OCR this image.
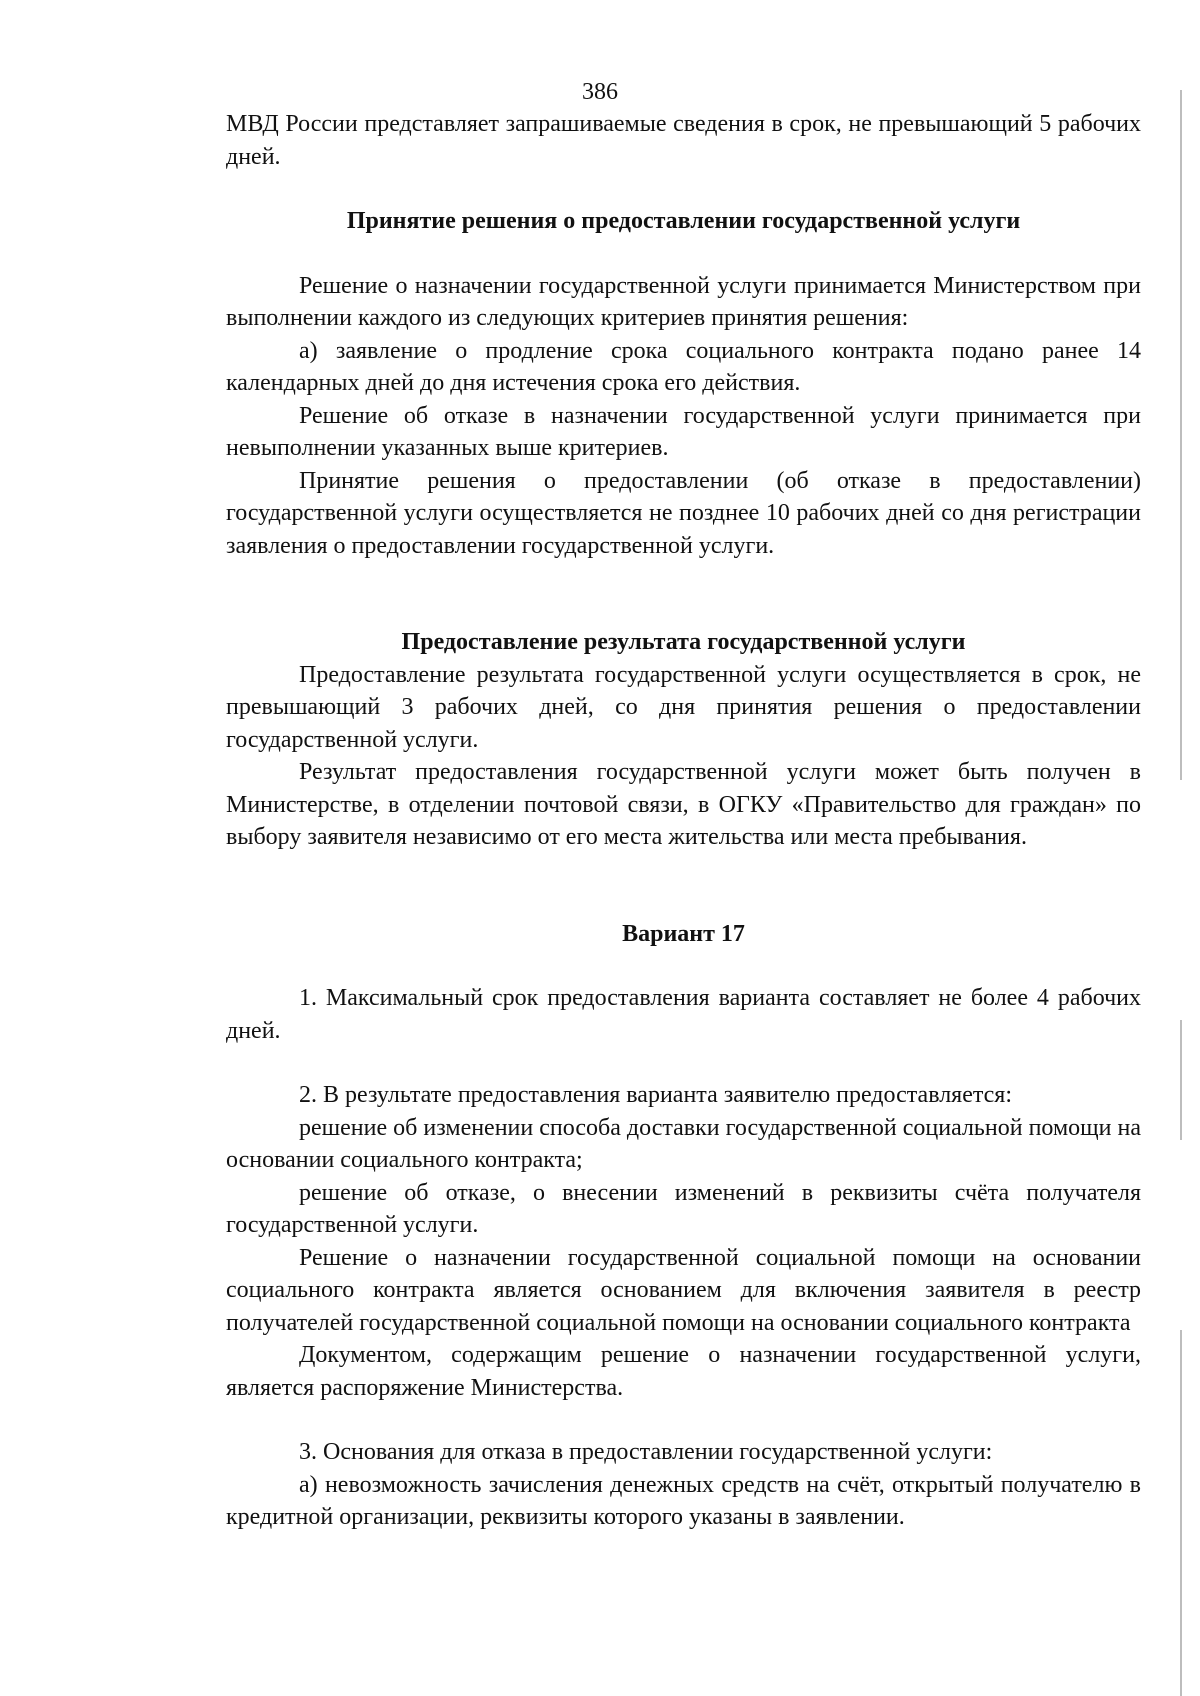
386

МВД России представляет запрашиваемые сведения в срок, не превышающий 5 рабочих дней.

Принятие решения о предоставлении государственной услуги

Решение о назначении государственной услуги принимается Министерством при выполнении каждого из следующих критериев принятия решения:

а) заявление о продление срока социального контракта подано ранее 14 календарных дней до дня истечения срока его действия.

Решение об отказе в назначении государственной услуги принимается при невыполнении указанных выше критериев.

Принятие решения о предоставлении (об отказе в предоставлении) государственной услуги осуществляется не позднее 10 рабочих дней со дня регистрации заявления о предоставлении государственной услуги.

Предоставление результата государственной услуги

Предоставление результата государственной услуги осуществляется в срок, не превышающий 3 рабочих дней, со дня принятия решения о предоставлении государственной услуги.

Результат предоставления государственной услуги может быть получен в Министерстве, в отделении почтовой связи, в ОГКУ «Правительство для граждан» по выбору заявителя независимо от его места жительства или места пребывания.

Вариант 17

1. Максимальный срок предоставления варианта составляет не более 4 рабочих дней.

2. В результате предоставления варианта заявителю предоставляется:

решение об изменении способа доставки государственной социальной помощи на основании социального контракта;

решение об отказе, о внесении изменений в реквизиты счёта получателя государственной услуги.

Решение о назначении государственной социальной помощи на основании социального контракта является основанием для включения заявителя в реестр получателей государственной социальной помощи на основании социального контракта

Документом, содержащим решение о назначении государственной услуги, является распоряжение Министерства.

3. Основания для отказа в предоставлении государственной услуги:

а) невозможность зачисления денежных средств на счёт, открытый получателю в кредитной организации, реквизиты которого указаны в заявлении.
